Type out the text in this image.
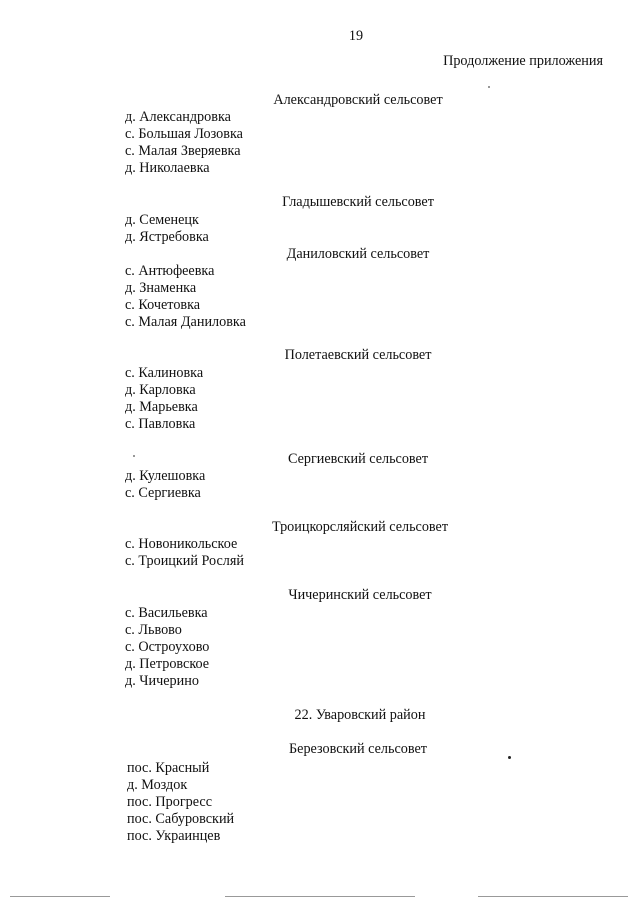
19
Продолжение приложения
Александровский сельсовет
д. Александровка
с. Большая Лозовка
с. Малая Зверяевка
д. Николаевка
Гладышевский сельсовет
д. Семенецк
д. Ястребовка
Даниловский сельсовет
с. Антюфеевка
д. Знаменка
с. Кочетовка
с. Малая Даниловка
Полетаевский сельсовет
с. Калиновка
д. Карловка
д. Марьевка
с. Павловка
Сергиевский сельсовет
д. Кулешовка
с. Сергиевка
Троицкорсляйский сельсовет
с. Новоникольское
с. Троицкий Росляй
Чичеринский сельсовет
с. Васильевка
с. Львово
с. Остроухово
д. Петровское
д. Чичерино
22. Уваровский район
Березовский сельсовет
пос. Красный
д. Моздок
пос. Прогресс
пос. Сабуровский
пос. Украинцев
